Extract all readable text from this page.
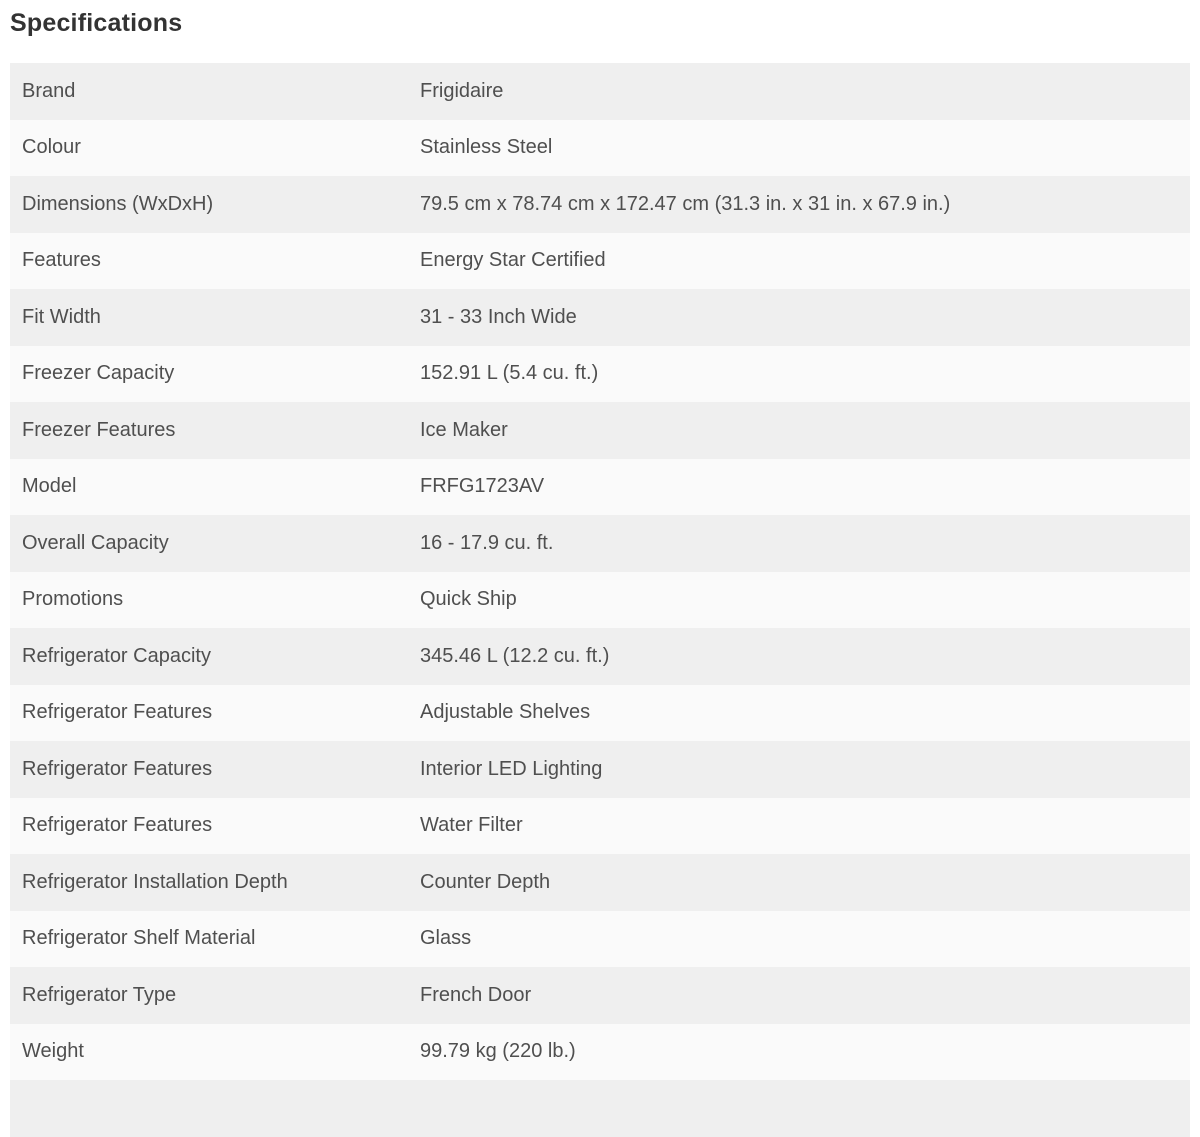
Specifications
Brand	Frigidaire
Colour	Stainless Steel
Dimensions (WxDxH)	79.5 cm x 78.74 cm x 172.47 cm (31.3 in. x 31 in. x 67.9 in.)
Features	Energy Star Certified
Fit Width	31 - 33 Inch Wide
Freezer Capacity	152.91 L (5.4 cu. ft.)
Freezer Features	Ice Maker
Model	FRFG1723AV
Overall Capacity	16 - 17.9 cu. ft.
Promotions	Quick Ship
Refrigerator Capacity	345.46 L (12.2 cu. ft.)
Refrigerator Features	Adjustable Shelves
Refrigerator Features	Interior LED Lighting
Refrigerator Features	Water Filter
Refrigerator Installation Depth	Counter Depth
Refrigerator Shelf Material	Glass
Refrigerator Type	French Door
Weight	99.79 kg (220 lb.)
